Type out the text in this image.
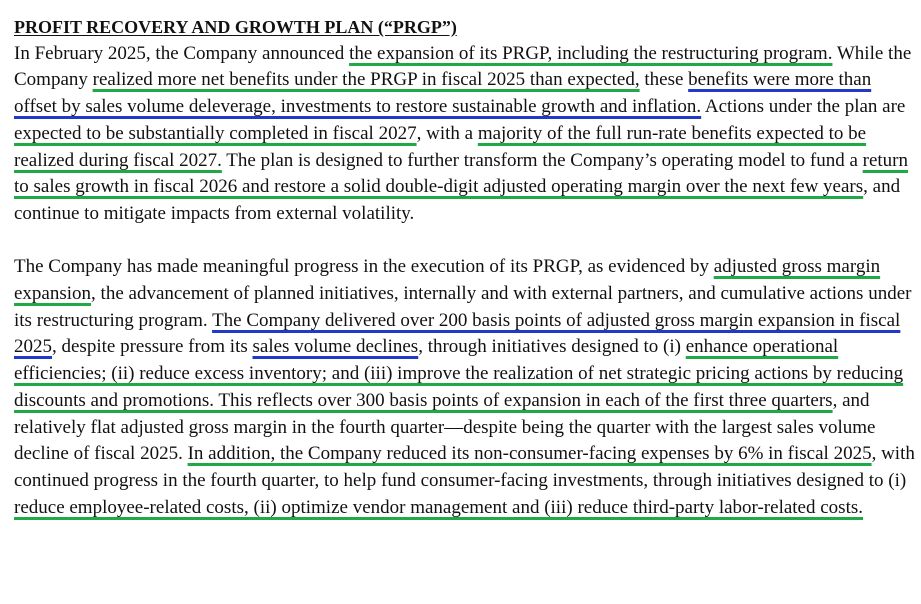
PROFIT RECOVERY AND GROWTH PLAN (“PRGP”)

In February 2025, the Company announced the expansion of its PRGP, including the restructuring program. While the Company realized more net benefits under the PRGP in fiscal 2025 than expected, these benefits were more than offset by sales volume deleverage, investments to restore sustainable growth and inflation. Actions under the plan are expected to be substantially completed in fiscal 2027, with a majority of the full run-rate benefits expected to be realized during fiscal 2027. The plan is designed to further transform the Company’s operating model to fund a return to sales growth in fiscal 2026 and restore a solid double-digit adjusted operating margin over the next few years, and continue to mitigate impacts from external volatility.

The Company has made meaningful progress in the execution of its PRGP, as evidenced by adjusted gross margin expansion, the advancement of planned initiatives, internally and with external partners, and cumulative actions under its restructuring program. The Company delivered over 200 basis points of adjusted gross margin expansion in fiscal 2025, despite pressure from its sales volume declines, through initiatives designed to (i) enhance operational efficiencies; (ii) reduce excess inventory; and (iii) improve the realization of net strategic pricing actions by reducing discounts and promotions. This reflects over 300 basis points of expansion in each of the first three quarters, and relatively flat adjusted gross margin in the fourth quarter—despite being the quarter with the largest sales volume decline of fiscal 2025. In addition, the Company reduced its non-consumer-facing expenses by 6% in fiscal 2025, with continued progress in the fourth quarter, to help fund consumer-facing investments, through initiatives designed to (i) reduce employee-related costs, (ii) optimize vendor management and (iii) reduce third-party labor-related costs.
